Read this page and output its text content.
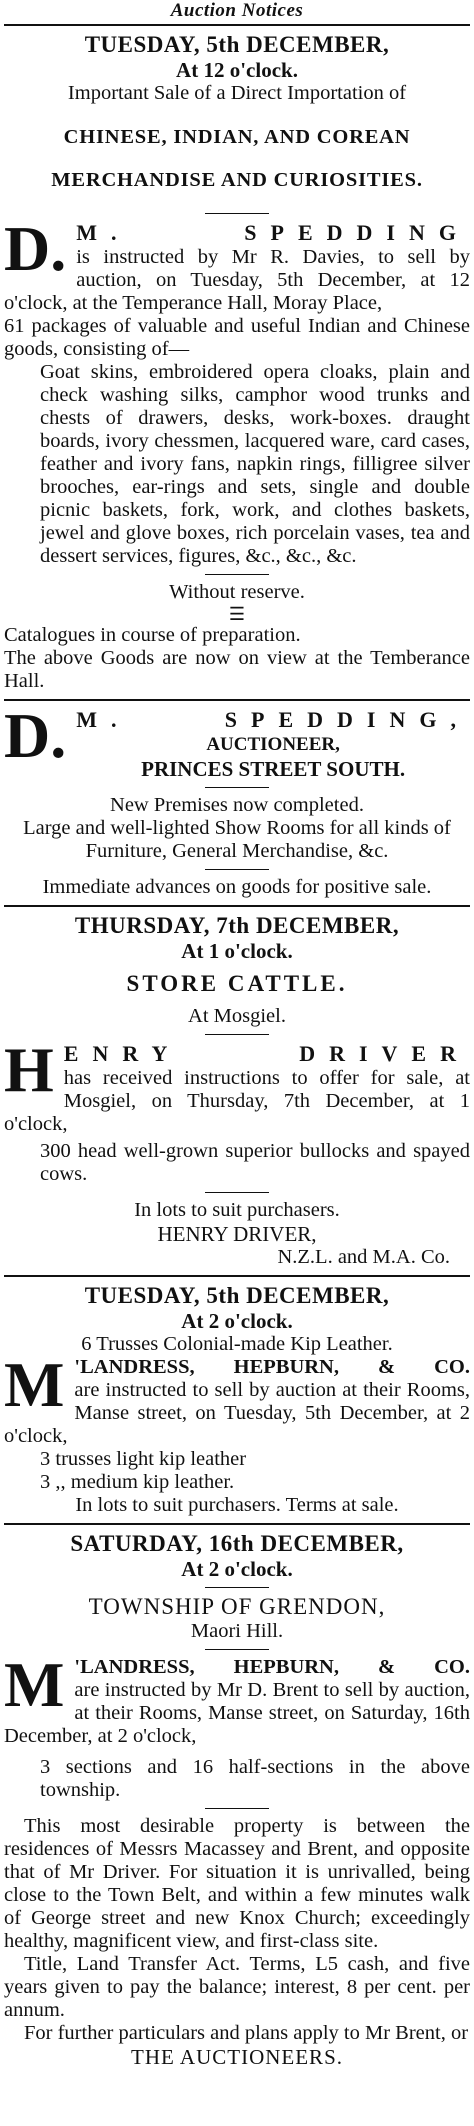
Auction Notices

TUESDAY, 5th DECEMBER,

At 12 o'clock.

Important Sale of a Direct Importation of

CHINESE, INDIAN, AND COREAN

MERCHANDISE AND CURIOSITIES.

D. M. SPEDDING

is instructed by Mr R. Davies, to sell by auction, on Tuesday, 5th December, at 12 o'clock, at the Temperance Hall, Moray Place,

61 packages of valuable and useful Indian and Chinese goods, consisting of—

Goat skins, embroidered opera cloaks, plain and check washing silks, camphor wood trunks and chests of drawers, desks, work-boxes. draught boards, ivory chessmen, lacquered ware, card cases, feather and ivory fans, napkin rings, filligree silver brooches, ear-rings and sets, single and double picnic baskets, fork, work, and clothes baskets, jewel and glove boxes, rich porcelain vases, tea and dessert services, figures, &c., &c., &c.

Without reserve.

☰

Catalogues in course of preparation.

The above Goods are now on view at the Temberance Hall.

D. M. SPEDDING,

AUCTIONEER,

PRINCES STREET SOUTH.

New Premises now completed.

Large and well-lighted Show Rooms for all kinds of Furniture, General Merchandise, &c.

Immediate advances on goods for positive sale.

THURSDAY, 7th DECEMBER,

At 1 o'clock.

STORE CATTLE.

At Mosgiel.

H ENRY DRIVER

has received instructions to offer for sale, at Mosgiel, on Thursday, 7th December, at 1 o'clock,

300 head well-grown superior bullocks and spayed cows.

In lots to suit purchasers.

HENRY DRIVER,

N.Z.L. and M.A. Co.

TUESDAY, 5th DECEMBER,

At 2 o'clock.

6 Trusses Colonial-made Kip Leather.

M 'LANDRESS, HEPBURN, & CO.

are instructed to sell by auction at their Rooms, Manse street, on Tuesday, 5th December, at 2 o'clock,

3 trusses light kip leather

3 ,, medium kip leather.

In lots to suit purchasers. Terms at sale.

SATURDAY, 16th DECEMBER,

At 2 o'clock.

TOWNSHIP OF GRENDON,

Maori Hill.

M 'LANDRESS, HEPBURN, & CO.

are instructed by Mr D. Brent to sell by auction, at their Rooms, Manse street, on Saturday, 16th December, at 2 o'clock,

3 sections and 16 half-sections in the above township.

This most desirable property is between the residences of Messrs Macassey and Brent, and opposite that of Mr Driver. For situation it is unrivalled, being close to the Town Belt, and within a few minutes walk of George street and new Knox Church; exceedingly healthy, magnificent view, and first-class site.

Title, Land Transfer Act. Terms, L5 cash, and five years given to pay the balance; interest, 8 per cent. per annum.

For further particulars and plans apply to Mr Brent, or

THE AUCTIONEERS.
